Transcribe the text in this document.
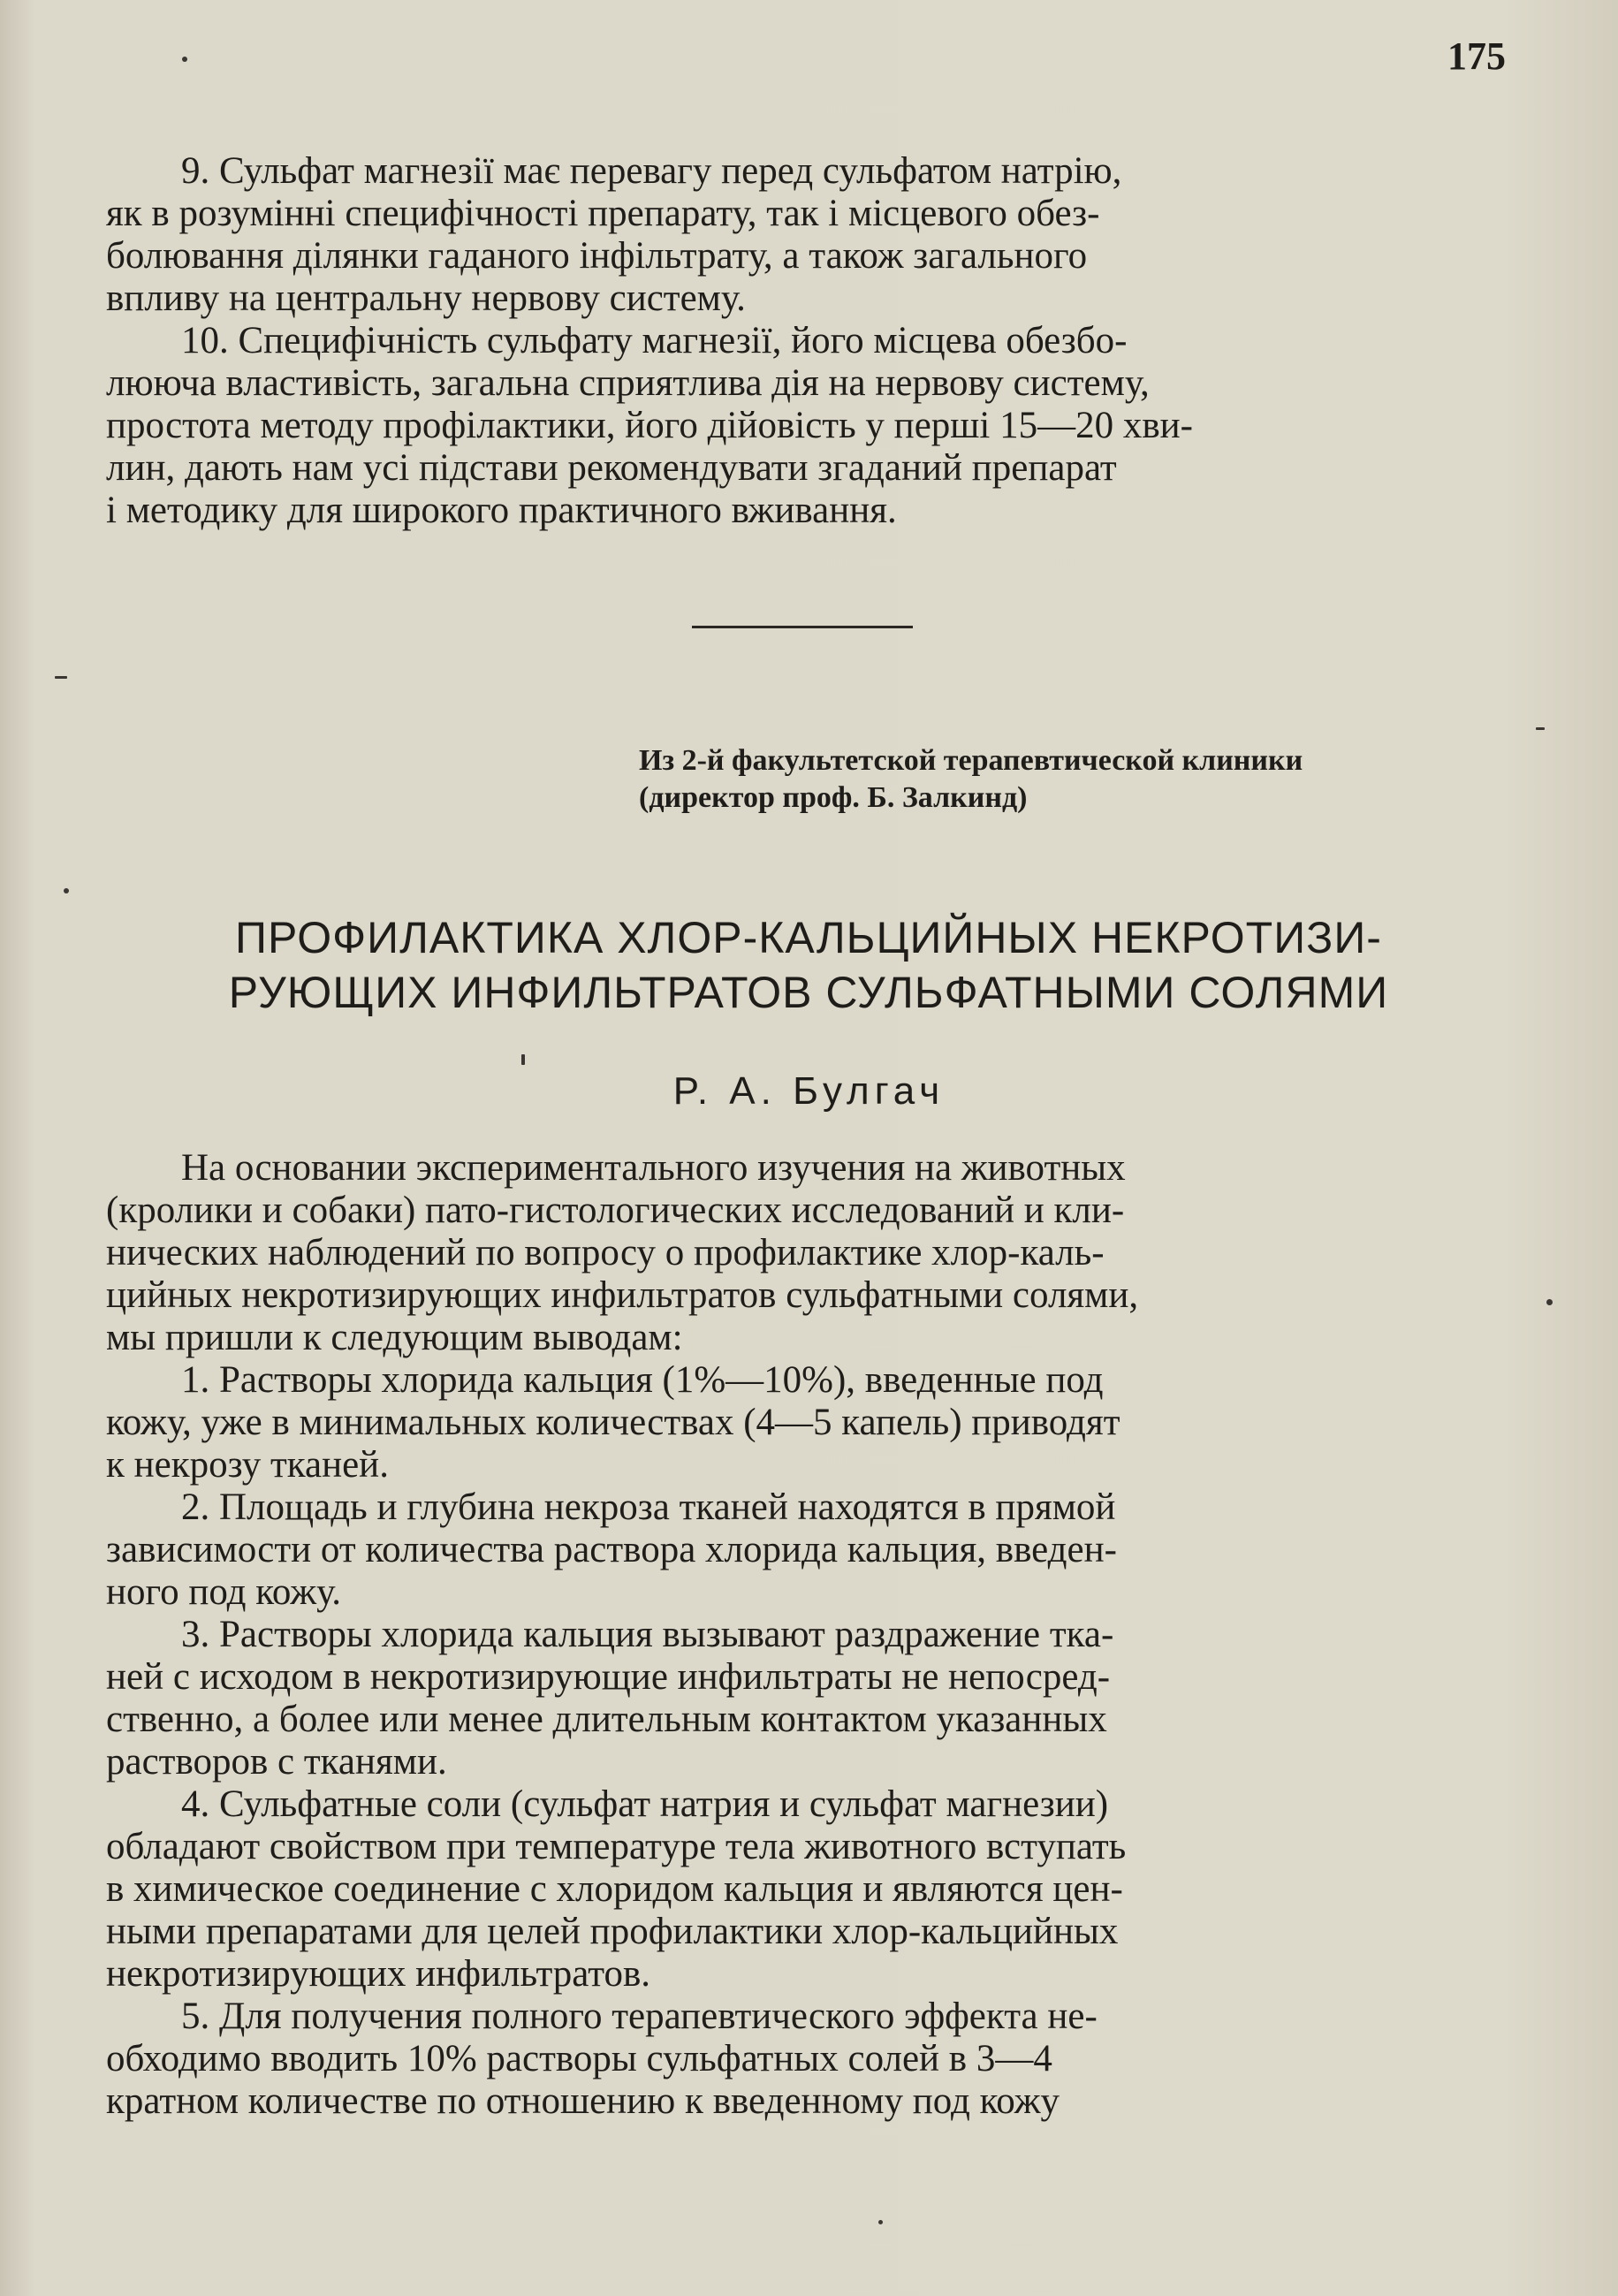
175
9. Сульфат магнезії має перевагу перед сульфатом натрію,
як в розумінні специфічності препарату, так і місцевого обез-
болювання ділянки гаданого інфільтрату, а також загального
впливу на центральну нервову систему.
10. Специфічність сульфату магнезії, його місцева обезбо-
лююча властивість, загальна сприятлива дія на нервову систему,
простота методу профілактики, його дійовість у перші 15—20 хви-
лин, дають нам усі підстави рекомендувати згаданий препарат
і методику для широкого практичного вживання.
Из 2-й факультетской терапевтической клиники
(директор проф. Б. Залкинд)
ПРОФИЛАКТИКА ХЛОР-КАЛЬЦИЙНЫХ НЕКРОТИЗИ-
РУЮЩИХ ИНФИЛЬТРАТОВ СУЛЬФАТНЫМИ СОЛЯМИ
Р. А. Булгач
На основании экспериментального изучения на животных
(кролики и собаки) пато-гистологических исследований и кли-
нических наблюдений по вопросу о профилактике хлор-каль-
цийных некротизирующих инфильтратов сульфатными солями,
мы пришли к следующим выводам:
1. Растворы хлорида кальция (1%—10%), введенные под
кожу, уже в минимальных количествах (4—5 капель) приводят
к некрозу тканей.
2. Площадь и глубина некроза тканей находятся в прямой
зависимости от количества раствора хлорида кальция, введен-
ного под кожу.
3. Растворы хлорида кальция вызывают раздражение тка-
ней с исходом в некротизирующие инфильтраты не непосред-
ственно, а более или менее длительным контактом указанных
растворов с тканями.
4. Сульфатные соли (сульфат натрия и сульфат магнезии)
обладают свойством при температуре тела животного вступать
в химическое соединение с хлоридом кальция и являются цен-
ными препаратами для целей профилактики хлор-кальцийных
некротизирующих инфильтратов.
5. Для получения полного терапевтического эффекта не-
обходимо вводить 10% растворы сульфатных солей в 3—4
кратном количестве по отношению к введенному под кожу
